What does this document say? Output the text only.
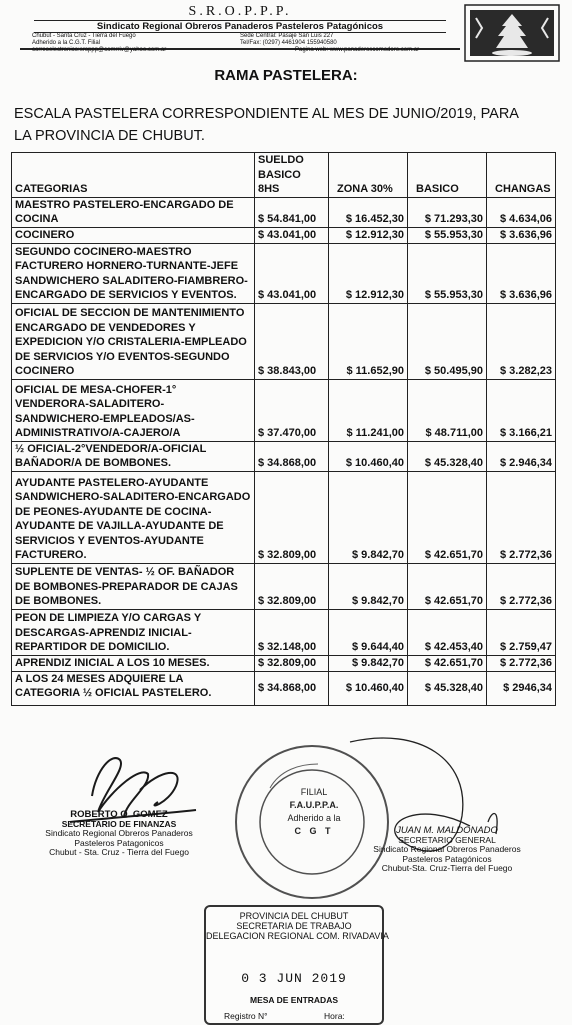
S.R.O.P.P.P.
Sindicato Regional Obreros Panaderos Pasteleros Patagónicos
Chubut - Santa Cruz - Tierra del Fuego	Sede Central: Pasaje San Luis 227
Adherido a la C.G.T. Filial	Tel/Fax: (0297) 4461904 155940580
correoelectronico:sroppp@comrriv@yahoo.com.ar	Pagina web: www.panaderoscomodoro.com.ar
RAMA PASTELERA:
ESCALA PASTELERA CORRESPONDIENTE AL MES DE JUNIO/2019, PARA LA PROVINCIA DE CHUBUT.
CATEGORIAS	SUELDO BASICO 8HS	ZONA 30%	BASICO	CHANGAS
MAESTRO PASTELERO-ENCARGADO DE COCINA	$ 54.841,00	$ 16.452,30	$ 71.293,30	$ 4.634,06
COCINERO	$ 43.041,00	$ 12.912,30	$ 55.953,30	$ 3.636,96
SEGUNDO COCINERO-MAESTRO FACTURERO HORNERO-TURNANTE-JEFE SANDWICHERO SALADITERO-FIAMBRERO-ENCARGADO DE SERVICIOS Y EVENTOS.	$ 43.041,00	$ 12.912,30	$ 55.953,30	$ 3.636,96
OFICIAL DE SECCION DE MANTENIMIENTO ENCARGADO DE VENDEDORES Y EXPEDICION Y/O CRISTALERIA-EMPLEADO DE SERVICIOS Y/O EVENTOS-SEGUNDO COCINERO	$ 38.843,00	$ 11.652,90	$ 50.495,90	$ 3.282,23
OFICIAL DE MESA-CHOFER-1° VENDERORA-SALADITERO-SANDWICHERO-EMPLEADOS/AS-ADMINISTRATIVO/A-CAJERO/A	$ 37.470,00	$ 11.241,00	$ 48.711,00	$ 3.166,21
½ OFICIAL-2°VENDEDOR/A-OFICIAL BAÑADOR/A DE BOMBONES.	$ 34.868,00	$ 10.460,40	$ 45.328,40	$ 2.946,34
AYUDANTE PASTELERO-AYUDANTE SANDWICHERO-SALADITERO-ENCARGADO DE PEONES-AYUDANTE DE COCINA-AYUDANTE DE VAJILLA-AYUDANTE DE SERVICIOS Y EVENTOS-AYUDANTE FACTURERO.	$ 32.809,00	$ 9.842,70	$ 42.651,70	$ 2.772,36
SUPLENTE DE VENTAS- ½ OF. BAÑADOR DE BOMBONES-PREPARADOR DE CAJAS DE BOMBONES.	$ 32.809,00	$ 9.842,70	$ 42.651,70	$ 2.772,36
PEON DE LIMPIEZA Y/O CARGAS Y DESCARGAS-APRENDIZ INICIAL-REPARTIDOR DE DOMICILIO.	$ 32.148,00	$ 9.644,40	$ 42.453,40	$ 2.759,47
APRENDIZ INICIAL A LOS 10 MESES.	$ 32.809,00	$ 9.842,70	$ 42.651,70	$ 2.772,36
A LOS 24 MESES ADQUIERE LA CATEGORIA ½ OFICIAL PASTELERO.	$ 34.868,00	$ 10.460,40	$ 45.328,40	$ 2946,34
FILIAL
F.A.U.P.P.A.
Adherido a la
C G T
ROBERTO O. GOMEZ
SECRETARIO DE FINANZAS
Sindicato Regional Obreros Panaderos
Pasteleros Patagonicos
Chubut - Sta. Cruz - Tierra del Fuego
JUAN M. MALDONADO
SECRETARIO GENERAL
Sindicato Regional Obreros Panaderos
Pasteleros Patagónicos
Chubut-Sta. Cruz-Tierra del Fuego
PROVINCIA DEL CHUBUT
SECRETARIA DE TRABAJO
DELEGACION REGIONAL COM. RIVADAVIA
0 3 JUN 2019
MESA DE ENTRADAS
Registro N°	Hora:
